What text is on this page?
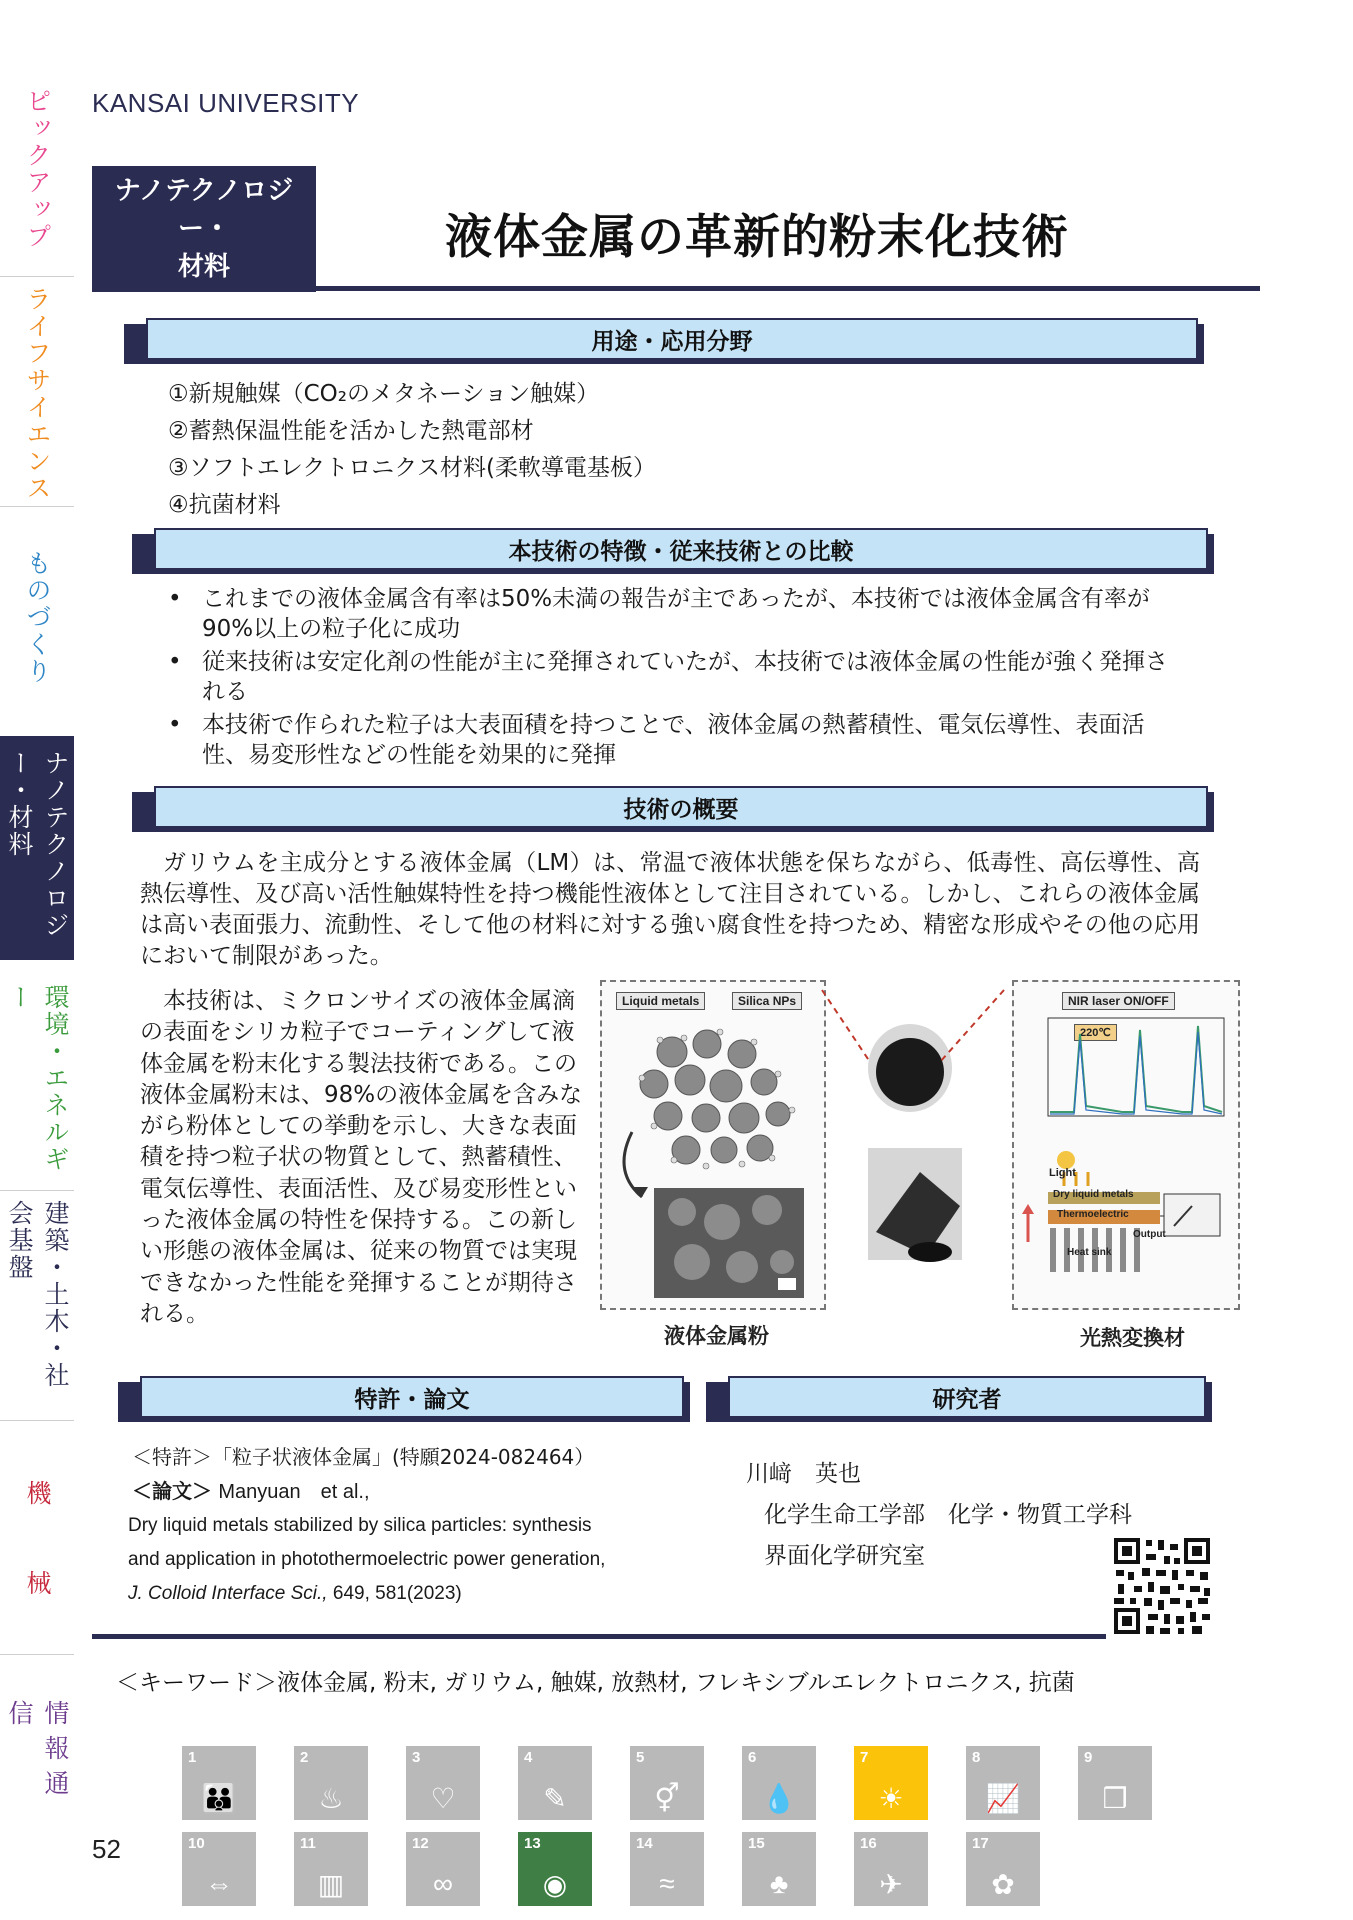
ピックアップ
ライフサイエンス
ものづくり
ナノテクノロジー・材料
環境・エネルギー
建築・土木・社会基盤
機　械
情報通信
KANSAI UNIVERSITY
ナノテクノロジー・
材料
液体金属の革新的粉末化技術
用途・応用分野
①新規触媒（CO₂のメタネーション触媒）
②蓄熱保温性能を活かした熱電部材
③ソフトエレクトロニクス材料(柔軟導電基板）
④抗菌材料
本技術の特徴・従来技術との比較
• これまでの液体金属含有率は50%未満の報告が主であったが、本技術では液体金属含有率が90%以上の粒子化に成功
• 従来技術は安定化剤の性能が主に発揮されていたが、本技術では液体金属の性能が強く発揮される
• 本技術で作られた粒子は大表面積を持つことで、液体金属の熱蓄積性、電気伝導性、表面活性、易変形性などの性能を効果的に発揮
技術の概要
ガリウムを主成分とする液体金属（LM）は、常温で液体状態を保ちながら、低毒性、高伝導性、高熱伝導性、及び高い活性触媒特性を持つ機能性液体として注目されている。しかし、これらの液体金属は高い表面張力、流動性、そして他の材料に対する強い腐食性を持つため、精密な形成やその他の応用において制限があった。
本技術は、ミクロンサイズの液体金属滴の表面をシリカ粒子でコーティングして液体金属を粉末化する製法技術である。この液体金属粉末は、98%の液体金属を含みながら粉体としての挙動を示し、大きな表面積を持つ粒子状の物質として、熱蓄積性、電気伝導性、表面活性、及び易変形性といった液体金属の特性を保持する。この新しい形態の液体金属は、従来の物質では実現できなかった性能を発揮することが期待される。
Liquid metals	Silica NPs	NIR laser ON/OFF
220℃
Light
Dry liquid metals
Thermoelectric
Heat sink
Output
液体金属粉	光熱変換材
特許・論文	研究者
＜特許＞「粒子状液体金属」(特願2024-082464）
＜論文＞ Manyuan　et al.,
Dry liquid metals stabilized by silica particles: synthesis
and application in photothermoelectric power generation,
J. Colloid Interface Sci., 649, 581(2023)
川﨑　英也
化学生命工学部　化学・物質工学科
界面化学研究室
＜キーワード＞液体金属, 粉末, ガリウム, 触媒, 放熱材, フレキシブルエレクトロニクス, 抗菌
52
1
👪
2
♨
3
♡
4
✎
5
⚥
6
💧
7
☀
8
📈
9
❒
10
⇔
11
▥
12
∞
13
◉
14
≈
15
♣
16
✈
17
✿
